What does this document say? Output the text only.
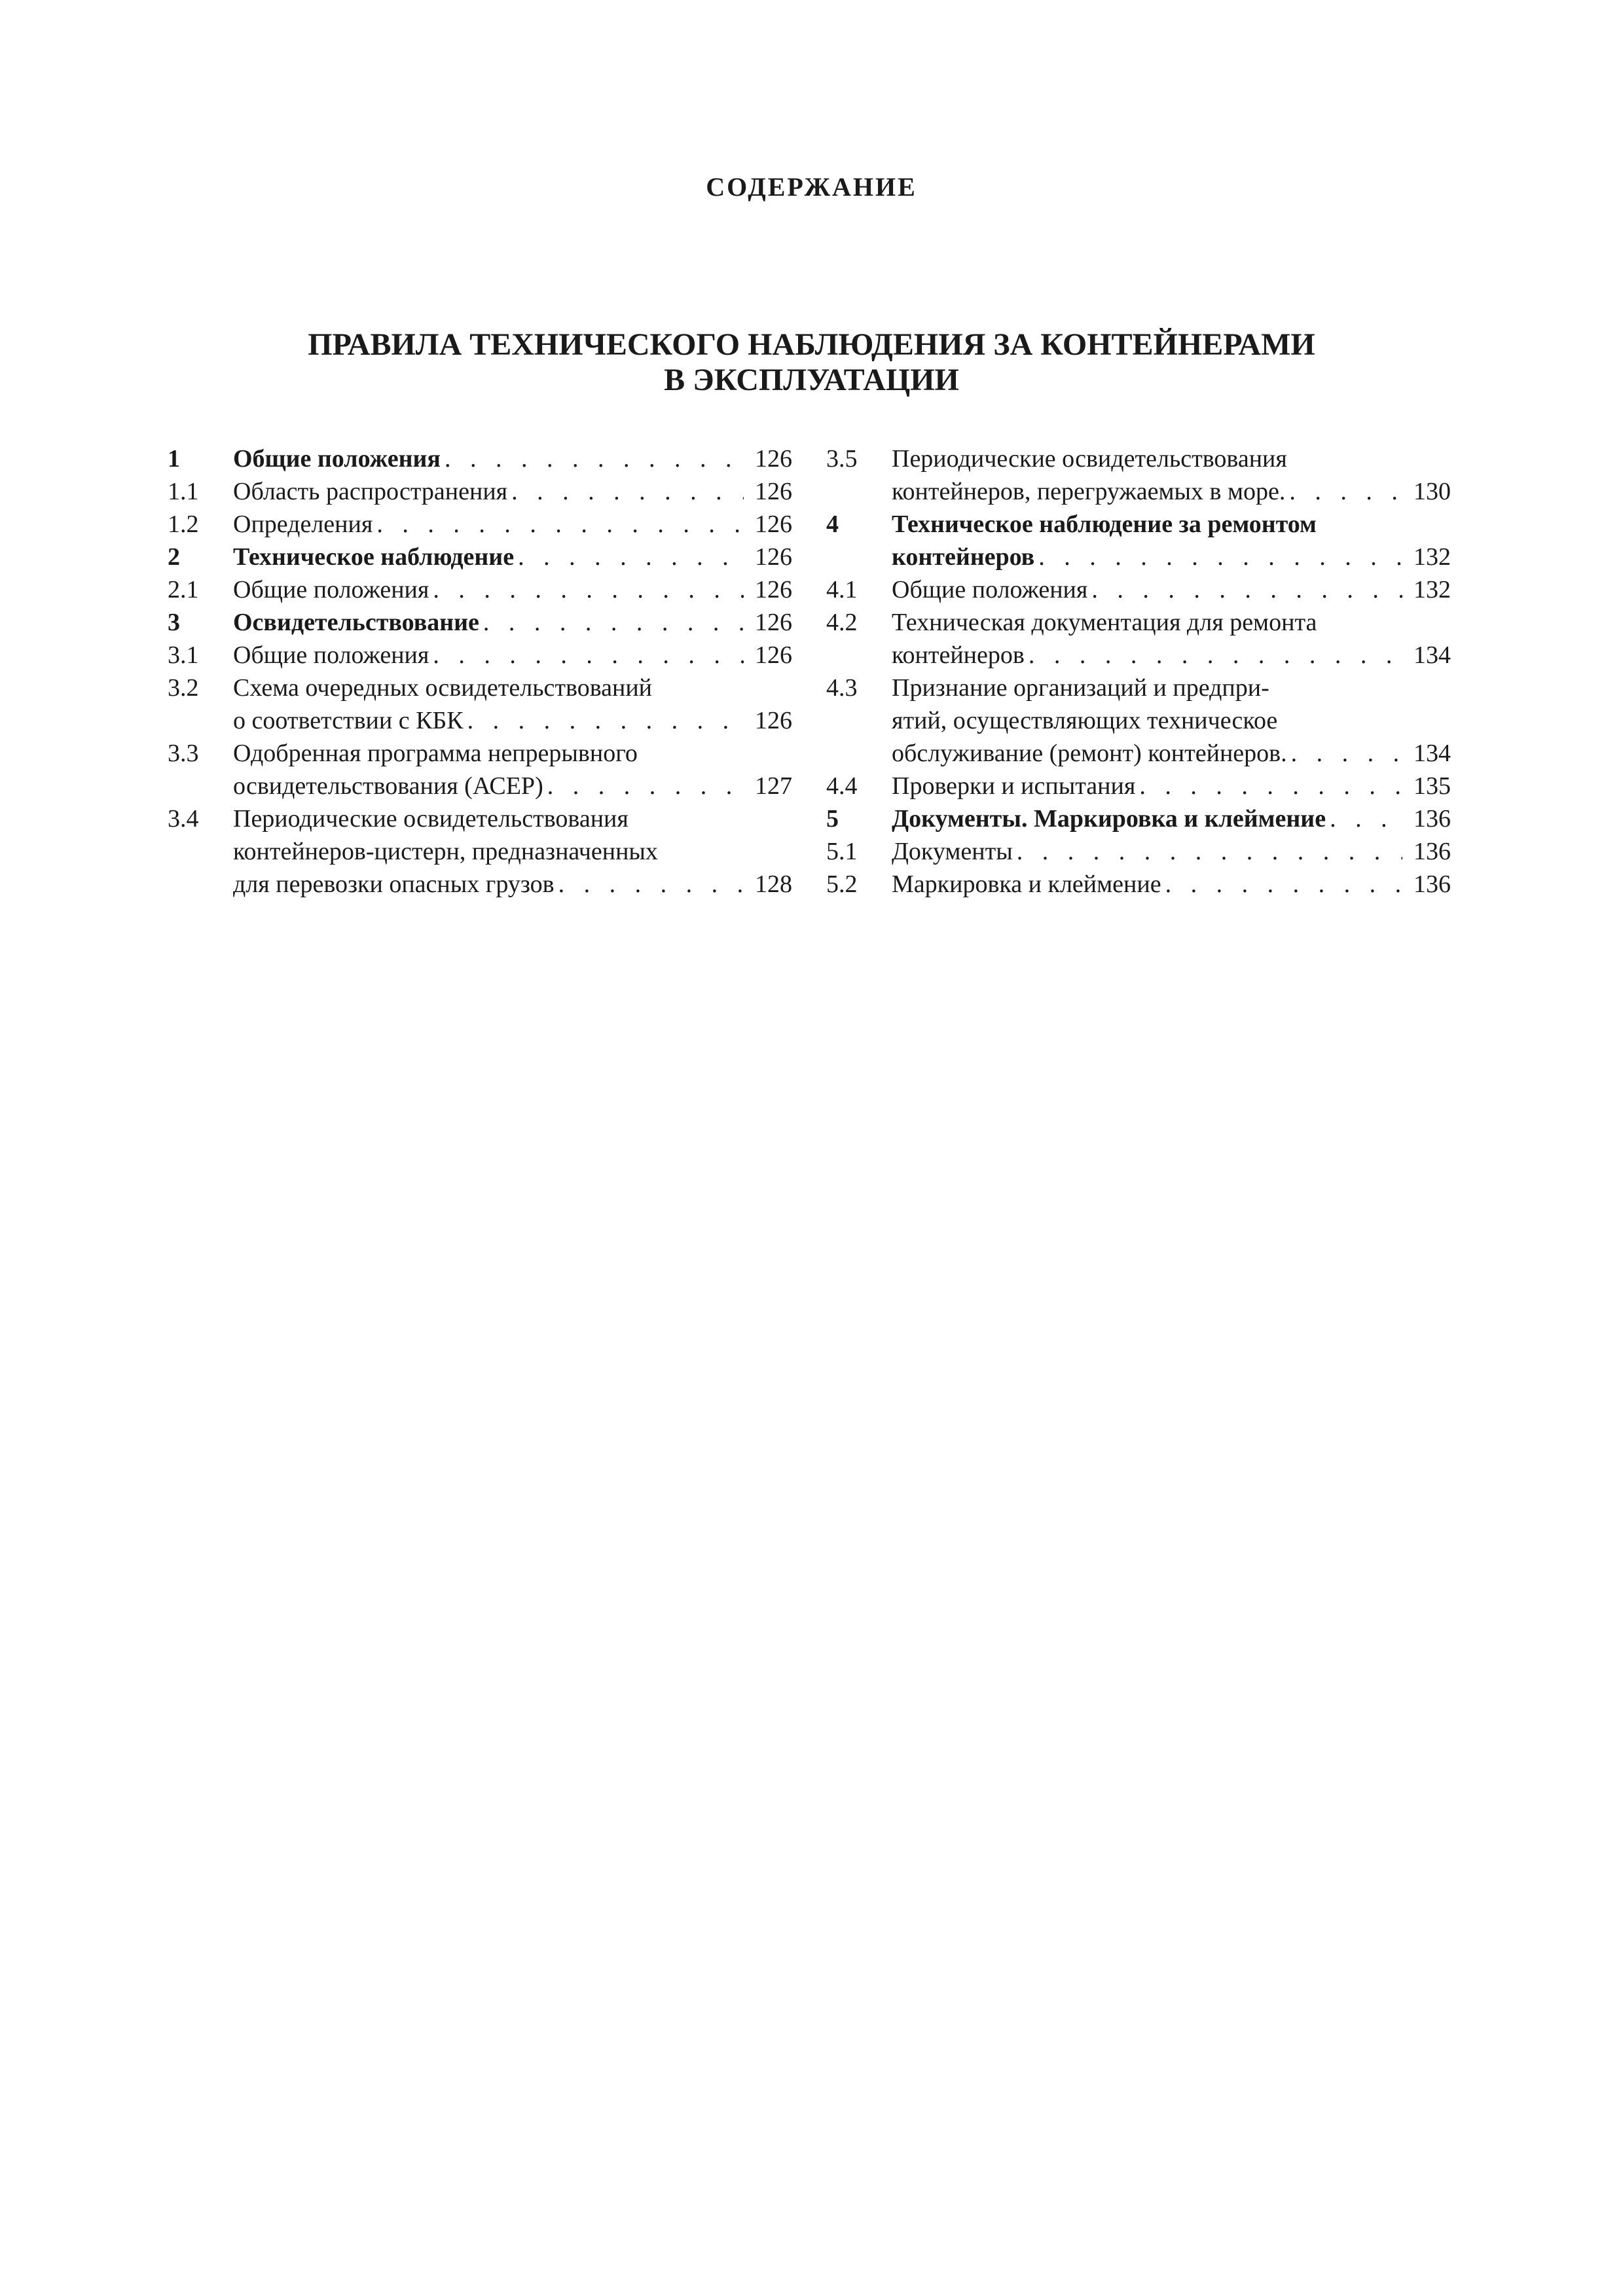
СОДЕРЖАНИЕ
ПРАВИЛА ТЕХНИЧЕСКОГО НАБЛЮДЕНИЯ ЗА КОНТЕЙНЕРАМИ
В ЭКСПЛУАТАЦИИ
1 Общие положения . . .	126
1.1 Область распространения . . .	126
1.2 Определения . . .	126
2 Техническое наблюдение . . .	126
2.1 Общие положения . . .	126
3 Освидетельствование . . .	126
3.1 Общие положения . . .	126
3.2 Схема очередных освидетельствований
о соответствии с КБК . . .	126
3.3 Одобренная программа непрерывного
освидетельствования (АСЕР) . . .	127
3.4 Периодические освидетельствования
контейнеров-цистерн, предназначенных
для перевозки опасных грузов . . .	128
3.5 Периодические освидетельствования
контейнеров, перегружаемых в море. . . .	130
4 Техническое наблюдение за ремонтом
контейнеров . . .	132
4.1 Общие положения . . .	132
4.2 Техническая документация для ремонта
контейнеров . . .	134
4.3 Признание организаций и предпри-
ятий, осуществляющих техническое
обслуживание (ремонт) контейнеров. . . .	134
4.4 Проверки и испытания . . .	135
5 Документы. Маркировка и клеймение . . .	136
5.1 Документы . . .	136
5.2 Маркировка и клеймение . . .	136
